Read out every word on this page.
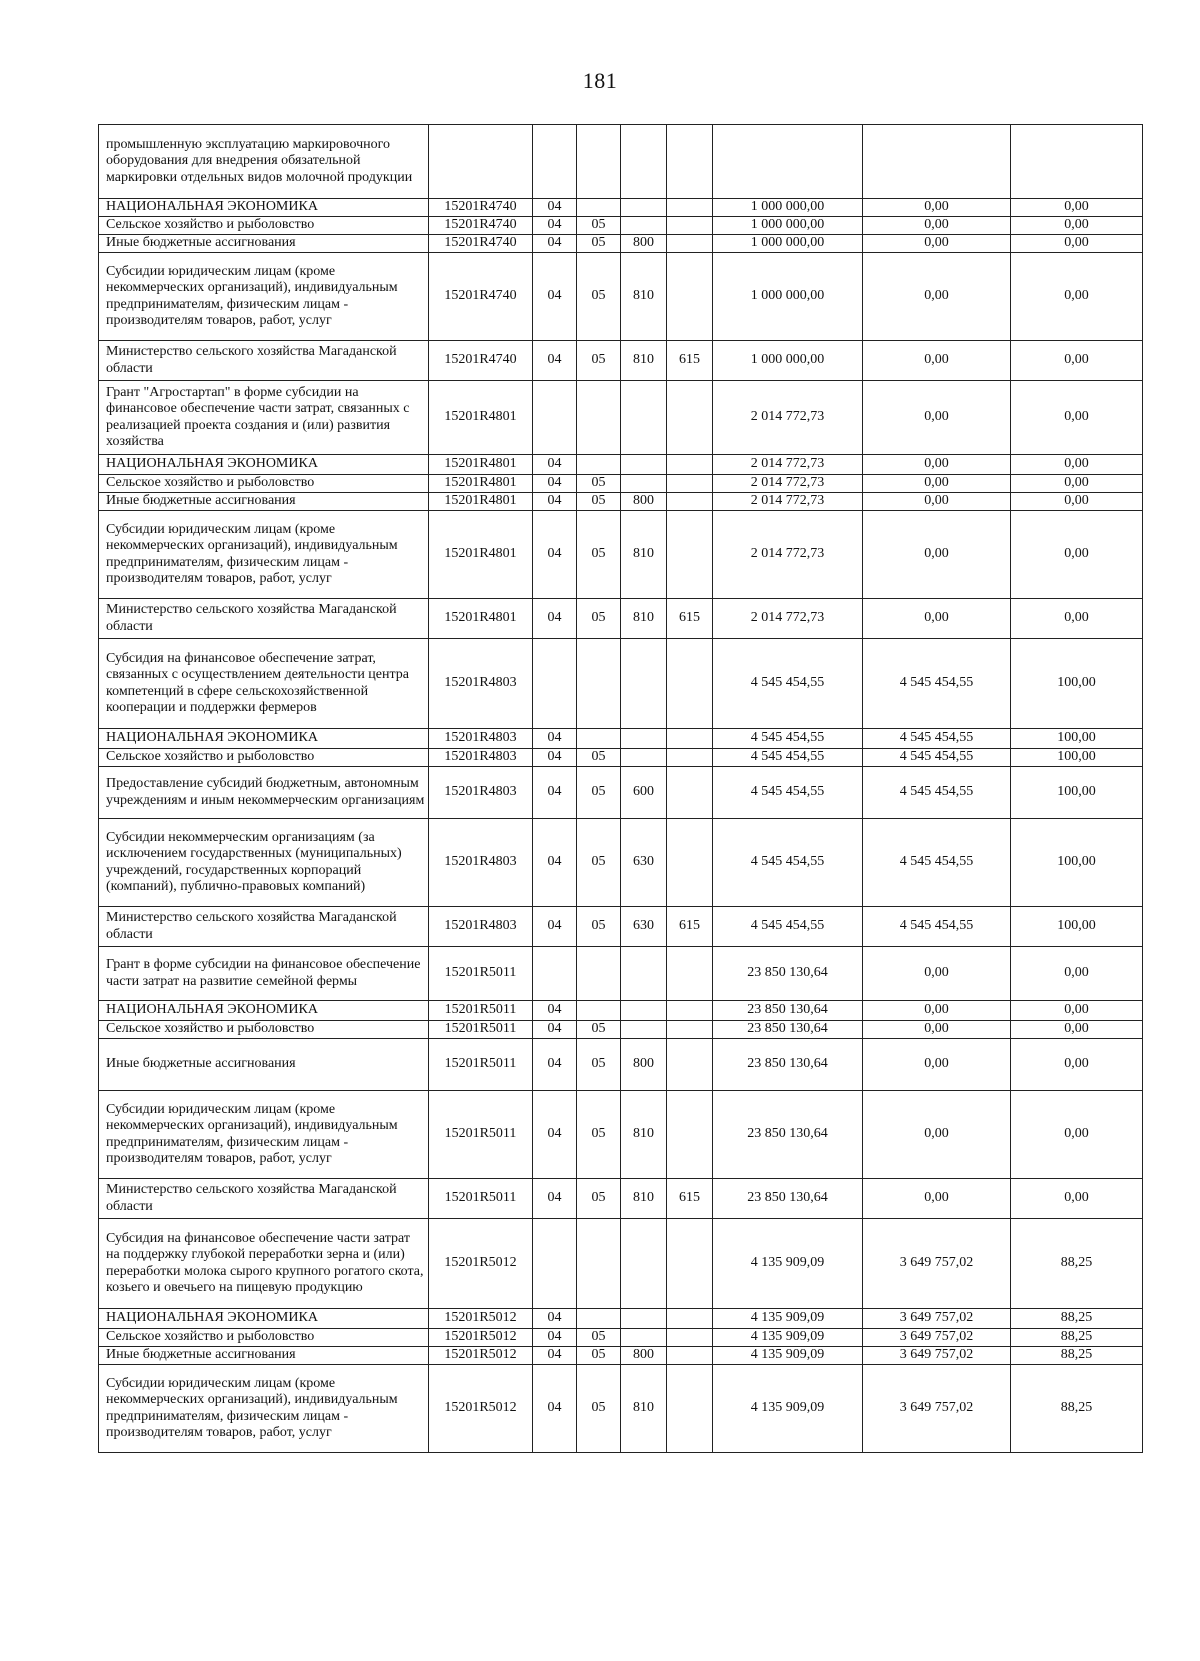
181
промышленную эксплуатацию маркировочного оборудования для внедрения обязательной маркировки отдельных видов молочной продукции								
НАЦИОНАЛЬНАЯ ЭКОНОМИКА	15201R4740	04				1 000 000,00	0,00	0,00
Сельское хозяйство и рыболовство	15201R4740	04	05			1 000 000,00	0,00	0,00
Иные бюджетные ассигнования	15201R4740	04	05	800		1 000 000,00	0,00	0,00
Субсидии юридическим лицам (кроме некоммерческих организаций), индивидуальным предпринимателям, физическим лицам - производителям товаров, работ, услуг	15201R4740	04	05	810		1 000 000,00	0,00	0,00
Министерство сельского хозяйства Магаданской области	15201R4740	04	05	810	615	1 000 000,00	0,00	0,00
Грант "Агростартап" в форме субсидии на финансовое обеспечение части затрат, связанных с реализацией проекта создания и (или) развития хозяйства	15201R4801					2 014 772,73	0,00	0,00
НАЦИОНАЛЬНАЯ ЭКОНОМИКА	15201R4801	04				2 014 772,73	0,00	0,00
Сельское хозяйство и рыболовство	15201R4801	04	05			2 014 772,73	0,00	0,00
Иные бюджетные ассигнования	15201R4801	04	05	800		2 014 772,73	0,00	0,00
Субсидии юридическим лицам (кроме некоммерческих организаций), индивидуальным предпринимателям, физическим лицам - производителям товаров, работ, услуг	15201R4801	04	05	810		2 014 772,73	0,00	0,00
Министерство сельского хозяйства Магаданской области	15201R4801	04	05	810	615	2 014 772,73	0,00	0,00
Субсидия на финансовое обеспечение затрат, связанных с осуществлением деятельности центра компетенций в сфере сельскохозяйственной кооперации и поддержки фермеров	15201R4803					4 545 454,55	4 545 454,55	100,00
НАЦИОНАЛЬНАЯ ЭКОНОМИКА	15201R4803	04				4 545 454,55	4 545 454,55	100,00
Сельское хозяйство и рыболовство	15201R4803	04	05			4 545 454,55	4 545 454,55	100,00
Предоставление субсидий бюджетным, автономным учреждениям и иным некоммерческим организациям	15201R4803	04	05	600		4 545 454,55	4 545 454,55	100,00
Субсидии некоммерческим организациям (за исключением государственных (муниципальных) учреждений, государственных корпораций (компаний), публично-правовых компаний)	15201R4803	04	05	630		4 545 454,55	4 545 454,55	100,00
Министерство сельского хозяйства Магаданской области	15201R4803	04	05	630	615	4 545 454,55	4 545 454,55	100,00
Грант в форме субсидии на финансовое обеспечение части затрат на развитие семейной фермы	15201R5011					23 850 130,64	0,00	0,00
НАЦИОНАЛЬНАЯ ЭКОНОМИКА	15201R5011	04				23 850 130,64	0,00	0,00
Сельское хозяйство и рыболовство	15201R5011	04	05			23 850 130,64	0,00	0,00
Иные бюджетные ассигнования	15201R5011	04	05	800		23 850 130,64	0,00	0,00
Субсидии юридическим лицам (кроме некоммерческих организаций), индивидуальным предпринимателям, физическим лицам - производителям товаров, работ, услуг	15201R5011	04	05	810		23 850 130,64	0,00	0,00
Министерство сельского хозяйства Магаданской области	15201R5011	04	05	810	615	23 850 130,64	0,00	0,00
Субсидия на финансовое обеспечение части затрат на поддержку глубокой переработки зерна и (или) переработки молока сырого крупного рогатого скота, козьего и овечьего на пищевую продукцию	15201R5012					4 135 909,09	3 649 757,02	88,25
НАЦИОНАЛЬНАЯ ЭКОНОМИКА	15201R5012	04				4 135 909,09	3 649 757,02	88,25
Сельское хозяйство и рыболовство	15201R5012	04	05			4 135 909,09	3 649 757,02	88,25
Иные бюджетные ассигнования	15201R5012	04	05	800		4 135 909,09	3 649 757,02	88,25
Субсидии юридическим лицам (кроме некоммерческих организаций), индивидуальным предпринимателям, физическим лицам - производителям товаров, работ, услуг	15201R5012	04	05	810		4 135 909,09	3 649 757,02	88,25
